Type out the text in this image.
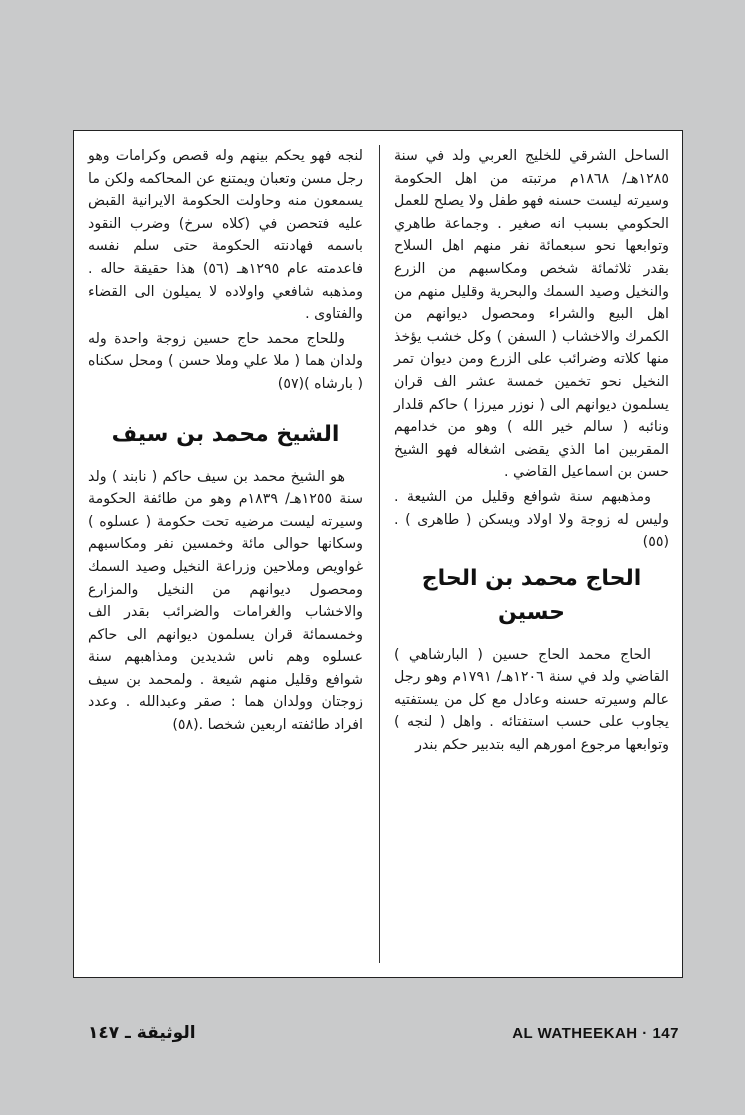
الساحل الشرقي للخليج العربي ولد في سنة ١٢٨٥هـ/ ١٨٦٨م مرتبته من اهل الحكومة وسيرته ليست حسنه فهو طفل ولا يصلح للعمل الحكومي بسبب انه صغير . وجماعة طاهري وتوابعها نحو سبعمائة نفر منهم اهل السلاح بقدر ثلاثمائة شخص ومكاسبهم من الزرع والنخيل وصيد السمك والبحرية وقليل منهم من اهل البيع والشراء ومحصول ديوانهم من الكمرك والاخشاب ( السفن ) وكل خشب يؤخذ منها كلاته وضرائب على الزرع ومن ديوان تمر النخيل نحو تخمين خمسة عشر الف قران يسلمون ديوانهم الى ( نوزر ميرزا ) حاكم قلدار ونائبه ( سالم خير الله ) وهو من خدامهم المقربين اما الذي يقضى اشغاله فهو الشيخ حسن بن اسماعيل القاضي .

ومذهبهم سنة شوافع وقليل من الشيعة . وليس له زوجة ولا اولاد ويسكن ( طاهرى ) .(٥٥)

الحاج محمد بن الحاج حسين

الحاج محمد الحاج حسين ( البارشاهي ) القاضي ولد في سنة ١٢٠٦هـ/ ١٧٩١م وهو رجل عالم وسيرته حسنه وعادل مع كل من يستفتيه يجاوب على حسب استفتائه . واهل ( لنجه ) وتوابعها مرجوع امورهم اليه بتدبير حكم بندر

لنجه فهو يحكم بينهم وله قصص وكرامات وهو رجل مسن وتعبان ويمتنع عن المحاكمه ولكن ما يسمعون منه وحاولت الحكومة الايرانية القبض عليه فتحصن في (كلاه سرخ) وضرب النقود باسمه فهادنته الحكومة حتى سلم نفسه فاعدمته عام ١٢٩٥هـ (٥٦) هذا حقيقة حاله . ومذهبه شافعي واولاده لا يميلون الى القضاء والفتاوى .

وللحاج محمد حاج حسين زوجة واحدة وله ولدان هما ( ملا علي وملا حسن ) ومحل سكناه ( بارشاه )(٥٧)

الشيخ محمد بن سيف

هو الشيخ محمد بن سيف حاكم ( نابند ) ولد سنة ١٢٥٥هـ/ ١٨٣٩م وهو من طائفة الحكومة وسيرته ليست مرضيه تحت حكومة ( عسلوه ) وسكانها حوالى مائة وخمسين نفر ومكاسبهم غواويص وملاحين وزراعة النخيل وصيد السمك ومحصول ديوانهم من النخيل والمزارع والاخشاب والغرامات والضرائب بقدر الف وخمسمائة قران يسلمون ديوانهم الى حاكم عسلوه وهم ناس شديدين ومذاهبهم سنة شوافع وقليل منهم شيعة . ولمحمد بن سيف زوجتان وولدان هما : صقر وعبدالله . وعدد افراد طائفته اربعين شخصا .(٥٨)

الوثيقة ـ ١٤٧	AL WATHEEKAH · 147
